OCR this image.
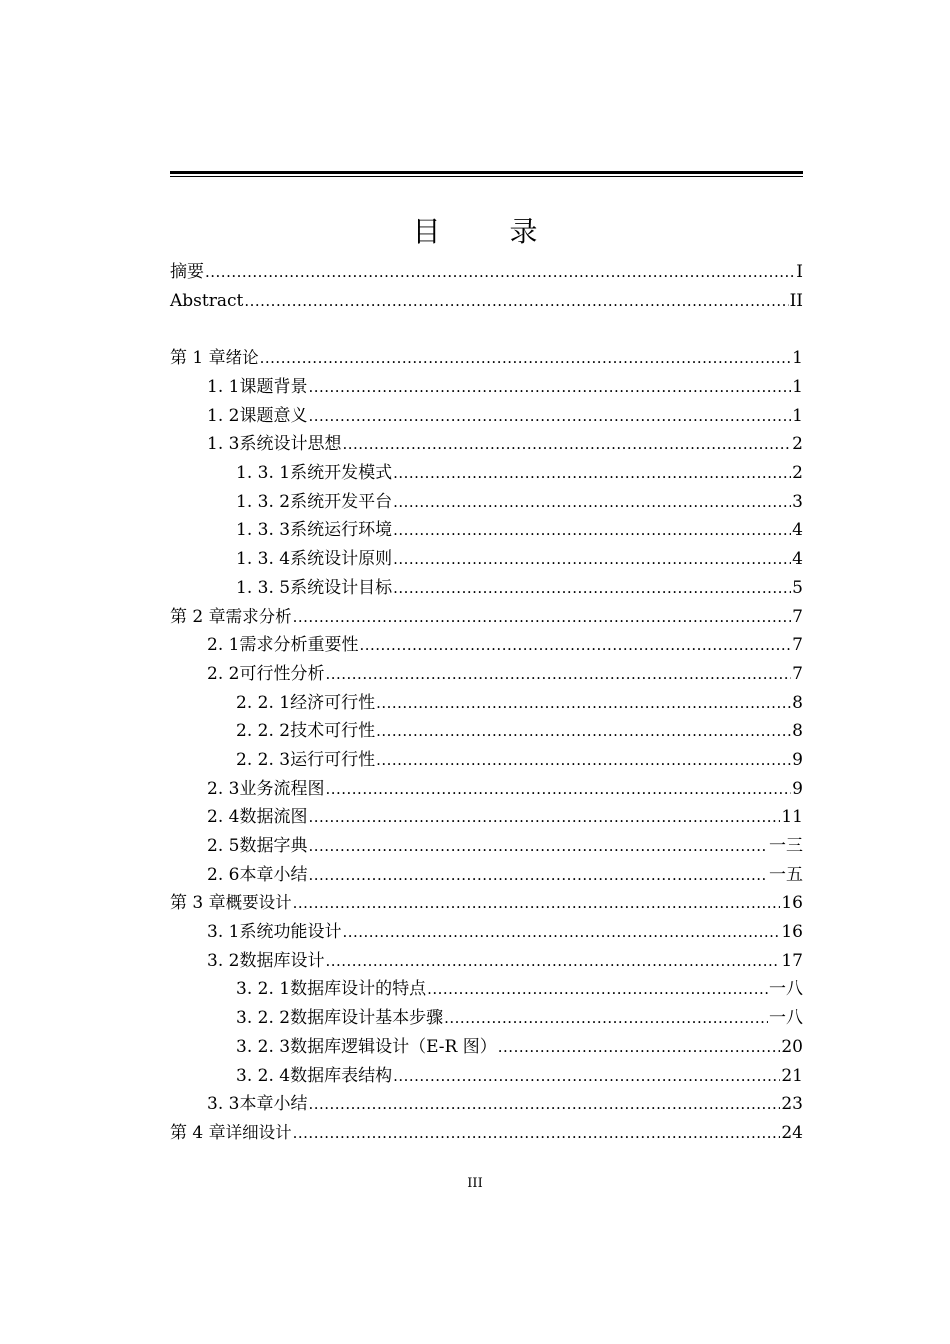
目 录
摘要 .....	I
Abstract .....	II
第 1 章 绪论 .....	1
1. 1 课题背景 .....	1
1. 2 课题意义 .....	1
1. 3 系统设计思想 .....	2
1. 3. 1 系统开发模式 .....	2
1. 3. 2 系统开发平台 .....	3
1. 3. 3 系统运行环境 .....	4
1. 3. 4 系统设计原则 .....	4
1. 3. 5 系统设计目标 .....	5
第 2 章 需求分析 .....	7
2. 1 需求分析重要性 .....	7
2. 2 可行性分析 .....	7
2. 2. 1 经济可行性 .....	8
2. 2. 2 技术可行性 .....	8
2. 2. 3 运行可行性 .....	9
2. 3 业务流程图 .....	9
2. 4 数据流图 .....	11
2. 5 数据字典 .....	一三
2. 6 本章小结 .....	一五
第 3 章 概要设计 .....	16
3. 1 系统功能设计 .....	16
3. 2 数据库设计 .....	17
3. 2. 1 数据库设计的特点 .....	一八
3. 2. 2 数据库设计基本步骤 .....	一八
3. 2. 3 数据库逻辑设计（E-R 图） .....	20
3. 2. 4 数据库表结构 .....	21
3. 3 本章小结 .....	23
第 4 章 详细设计 .....	24
III
